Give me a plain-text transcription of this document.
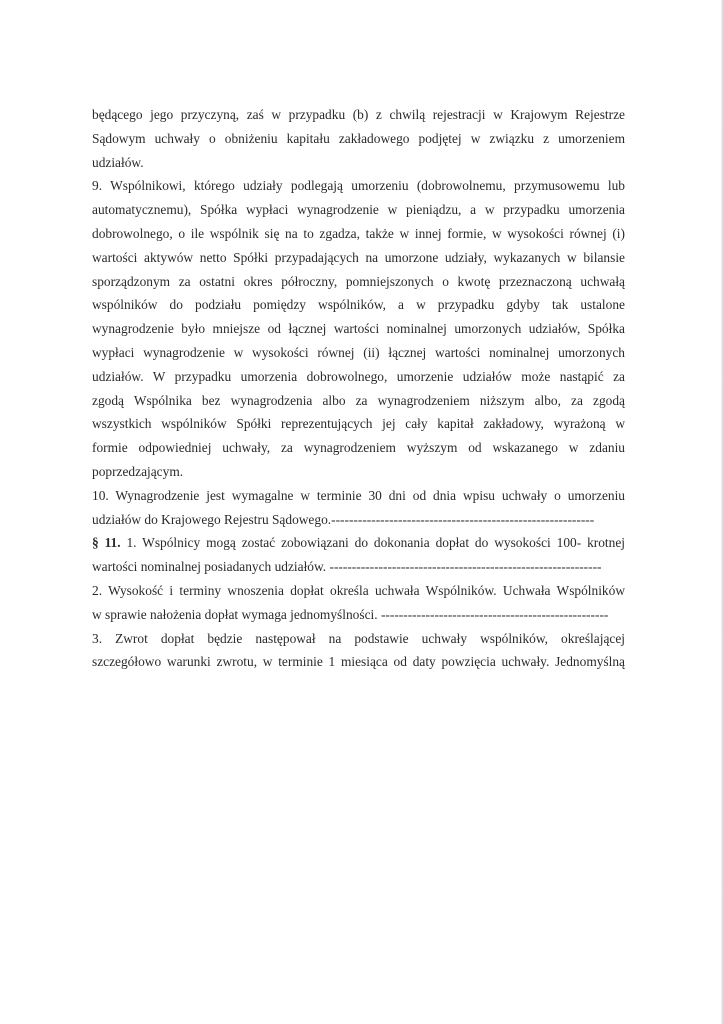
będącego jego przyczyną, zaś w przypadku (b) z chwilą rejestracji w Krajowym Rejestrze
Sądowym uchwały o obniżeniu kapitału zakładowego podjętej w związku z umorzeniem
udziałów.
9. Wspólnikowi, którego udziały podlegają umorzeniu (dobrowolnemu, przymusowemu lub
automatycznemu), Spółka wypłaci wynagrodzenie w pieniądzu, a w przypadku umorzenia
dobrowolnego, o ile wspólnik się na to zgadza, także w innej formie, w wysokości równej (i)
wartości aktywów netto Spółki przypadających na umorzone udziały, wykazanych w bilansie
sporządzonym za ostatni okres półroczny, pomniejszonych o kwotę przeznaczoną uchwałą
wspólników do podziału pomiędzy wspólników, a w przypadku gdyby tak ustalone
wynagrodzenie było mniejsze od łącznej wartości nominalnej umorzonych udziałów, Spółka
wypłaci wynagrodzenie w wysokości równej (ii) łącznej wartości nominalnej umorzonych
udziałów. W przypadku umorzenia dobrowolnego, umorzenie udziałów może nastąpić za
zgodą Wspólnika bez wynagrodzenia albo za wynagrodzeniem niższym albo, za zgodą
wszystkich wspólników Spółki reprezentujących jej cały kapitał zakładowy, wyrażoną w
formie odpowiedniej uchwały, za wynagrodzeniem wyższym od wskazanego w zdaniu
poprzedzającym.
10. Wynagrodzenie jest wymagalne w terminie 30 dni od dnia wpisu uchwały o umorzeniu
udziałów do Krajowego Rejestru Sądowego.-----------------------------------------------------------
§ 11. 1. Wspólnicy mogą zostać zobowiązani do dokonania dopłat do wysokości 100- krotnej
wartości nominalnej posiadanych udziałów. -------------------------------------------------------------
2. Wysokość i terminy wnoszenia dopłat określa uchwała Wspólników. Uchwała Wspólników
w sprawie nałożenia dopłat wymaga jednomyślności. ---------------------------------------------------
3. Zwrot dopłat będzie następował na podstawie uchwały wspólników, określającej
szczegółowo warunki zwrotu, w terminie 1 miesiąca od daty powzięcia uchwały. Jednomyślną
